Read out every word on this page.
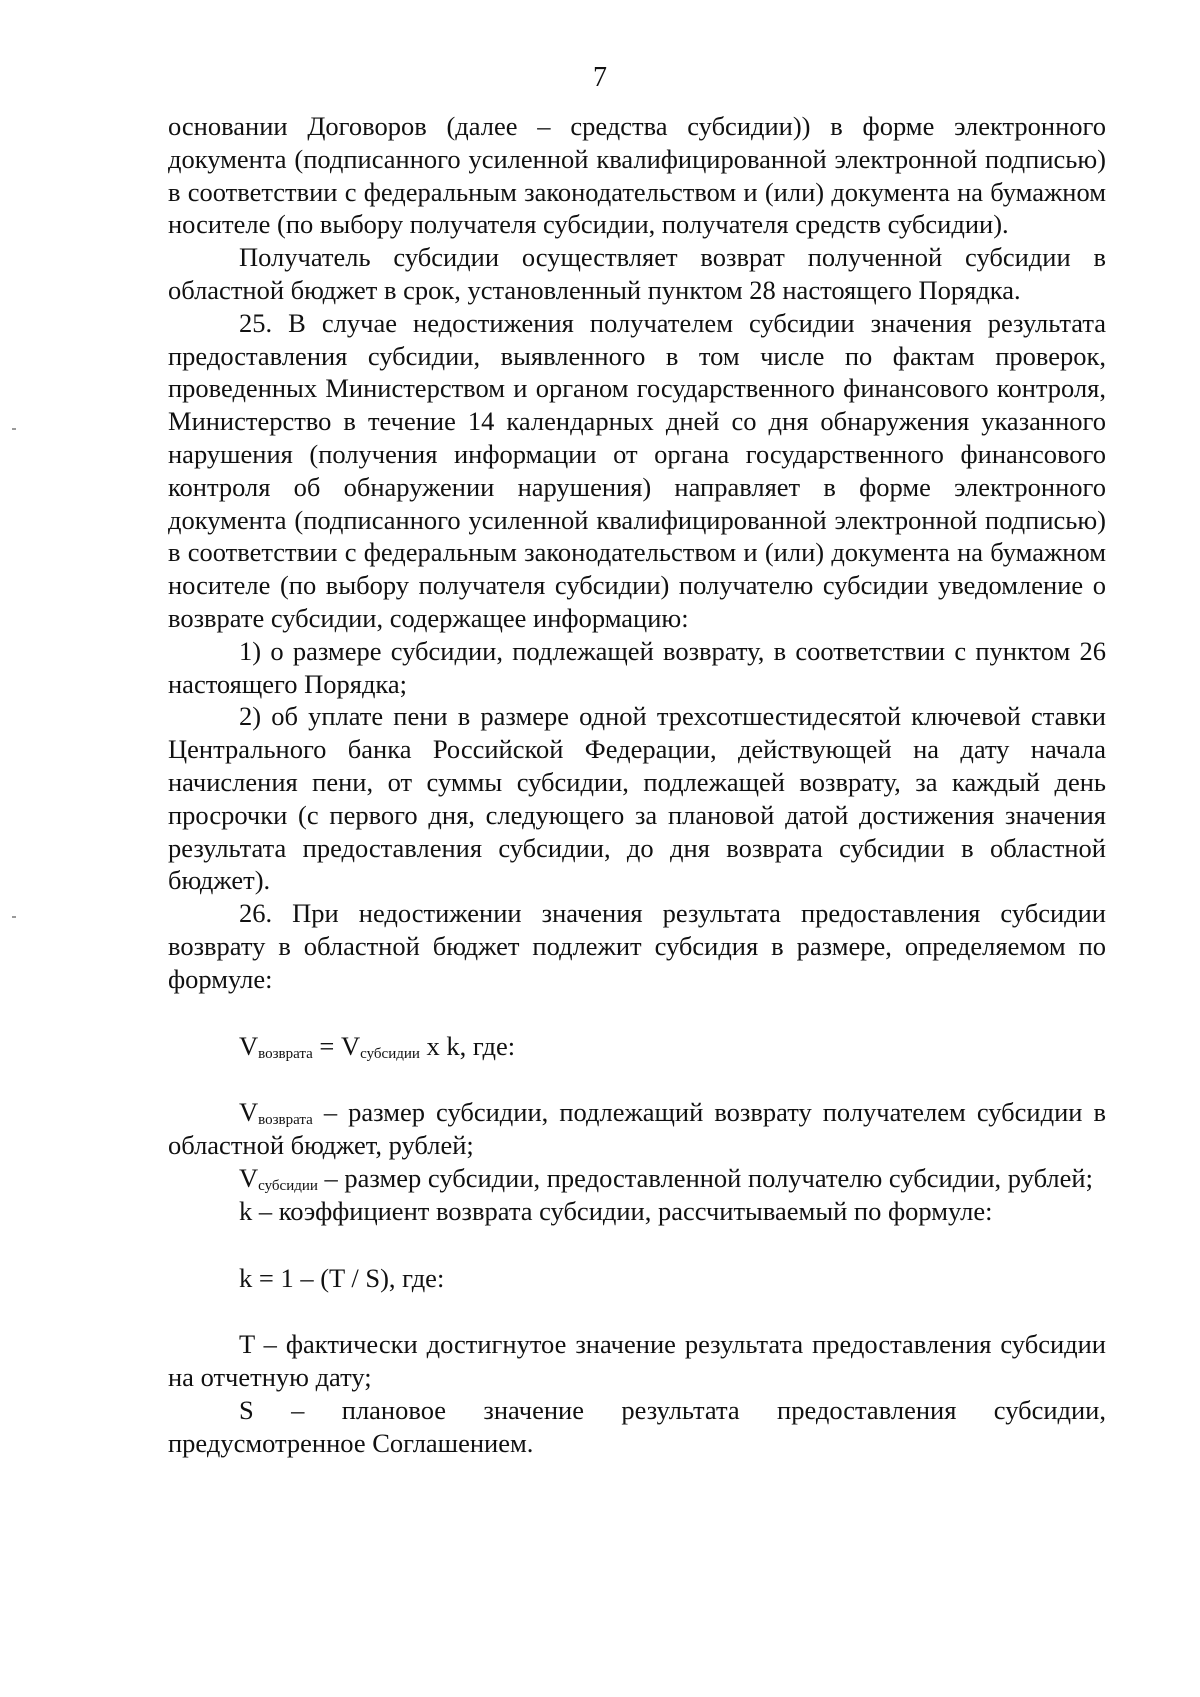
7

основании Договоров (далее – средства субсидии)) в форме электронного документа (подписанного усиленной квалифицированной электронной подписью) в соответствии с федеральным законодательством и (или) документа на бумажном носителе (по выбору получателя субсидии, получателя средств субсидии).

Получатель субсидии осуществляет возврат полученной субсидии в областной бюджет в срок, установленный пунктом 28 настоящего Порядка.

25. В случае недостижения получателем субсидии значения результата предоставления субсидии, выявленного в том числе по фактам проверок, проведенных Министерством и органом государственного финансового контроля, Министерство в течение 14 календарных дней со дня обнаружения указанного нарушения (получения информации от органа государственного финансового контроля об обнаружении нарушения) направляет в форме электронного документа (подписанного усиленной квалифицированной электронной подписью) в соответствии с федеральным законодательством и (или) документа на бумажном носителе (по выбору получателя субсидии) получателю субсидии уведомление о возврате субсидии, содержащее информацию:

1) о размере субсидии, подлежащей возврату, в соответствии с пунктом 26 настоящего Порядка;

2) об уплате пени в размере одной трехсотшестидесятой ключевой ставки Центрального банка Российской Федерации, действующей на дату начала начисления пени, от суммы субсидии, подлежащей возврату, за каждый день просрочки (с первого дня, следующего за плановой датой достижения значения результата предоставления субсидии, до дня возврата субсидии в областной бюджет).

26. При недостижении значения результата предоставления субсидии возврату в областной бюджет подлежит субсидия в размере, определяемом по формуле:

$V_{возврата} = V_{субсидии}$ x k, где:

$V_{возврата}$ – размер субсидии, подлежащий возврату получателем субсидии в областной бюджет, рублей;

$V_{субсидии}$ – размер субсидии, предоставленной получателю субсидии, рублей;

k – коэффициент возврата субсидии, рассчитываемый по формуле:

k = 1 – (T / S), где:

T – фактически достигнутое значение результата предоставления субсидии на отчетную дату;

S – плановое значение результата предоставления субсидии, предусмотренное Соглашением.
